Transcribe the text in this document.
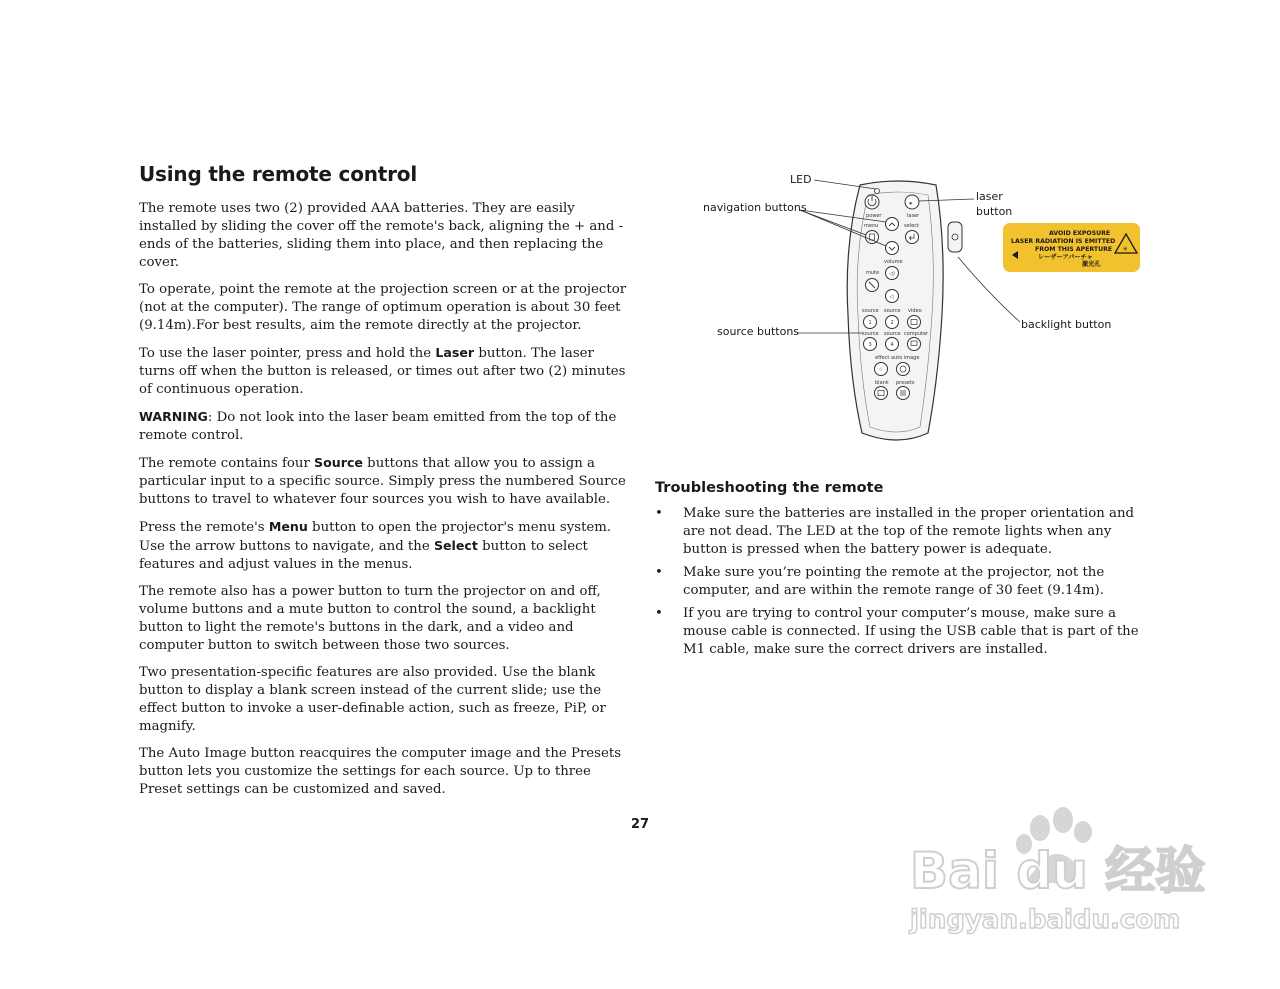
Using the remote control

The remote uses two (2) provided AAA batteries. They are easily installed by sliding the cover off the remote's back, aligning the + and - ends of the batteries, sliding them into place, and then replacing the cover.

To operate, point the remote at the projection screen or at the projector (not at the computer). The range of optimum operation is about 30 feet (9.14m).For best results, aim the remote directly at the projector.

To use the laser pointer, press and hold the Laser button. The laser turns off when the button is released, or times out after two (2) minutes of continuous operation.

WARNING: Do not look into the laser beam emitted from the top of the remote control.

The remote contains four Source buttons that allow you to assign a particular input to a specific source. Simply press the numbered Source buttons to travel to whatever four sources you wish to have available.

Press the remote's Menu button to open the projector's menu system. Use the arrow buttons to navigate, and the Select button to select features and adjust values in the menus.

The remote also has a power button to turn the projector on and off, volume buttons and a mute button to control the sound, a backlight button to light the remote's buttons in the dark, and a video and computer button to switch between those two sources.

Two presentation-specific features are also provided. Use the blank button to display a blank screen instead of the current slide; use the effect button to invoke a user-definable action, such as freeze, PiP, or magnify.

The Auto Image button reacquires the computer image and the Presets button lets you customize the settings for each source. Up to three Preset settings can be customized and saved.

power
✷
laser
menu	select
volume
◁)
mute
◁
source source video
1	2
source source computer
3	4
effect auto image
☆
blank presets
LED
navigation buttons
laser
button
backlight button
source buttons
AVOID EXPOSURE
LASER RADIATION IS EMITTED
FROM THIS APERTURE
レーザーアパーチャ
激光孔
✳
Troubleshooting the remote
• Make sure the batteries are installed in the proper orientation and are not dead. The LED at the top of the remote lights when any button is pressed when the battery power is adequate.
• Make sure you’re pointing the remote at the projector, not the computer, and are within the remote range of 30 feet (9.14m).
• If you are trying to control your computer’s mouse, make sure a mouse cable is connected. If using the USB cable that is part of the M1 cable, make sure the correct drivers are installed.
27
Bai du 经验
jingyan.baidu.com
